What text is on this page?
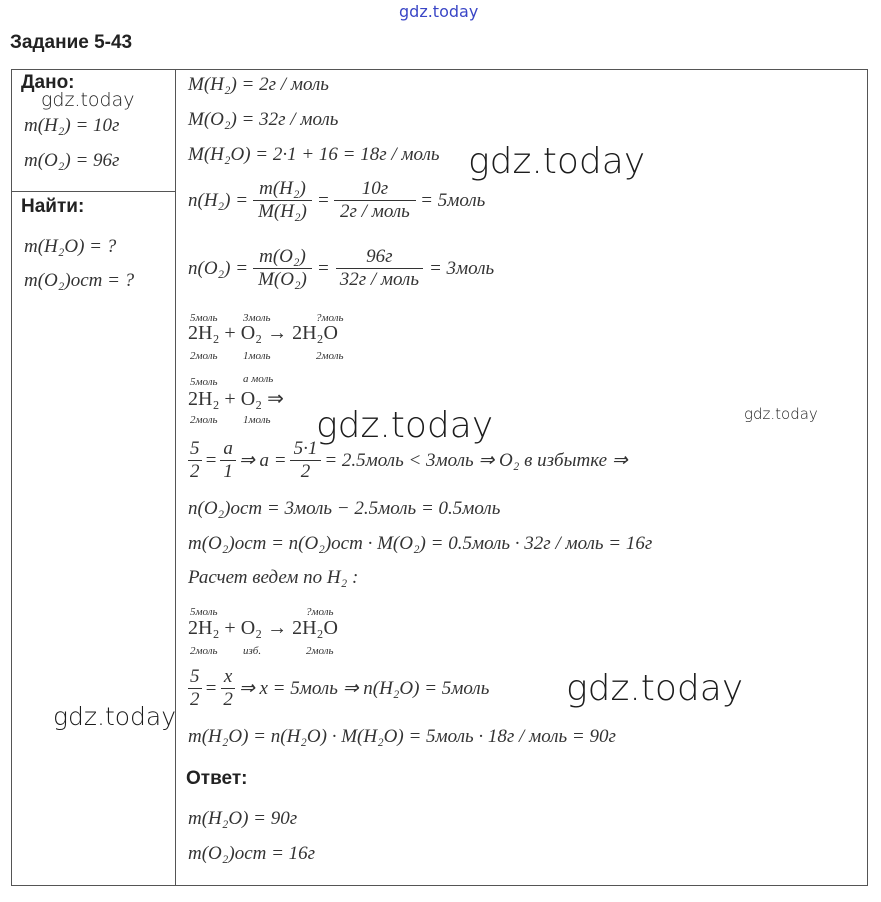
gdz.today
Задание 5-43
Дано:
gdz.today
m(H₂) = 10г
m(O₂) = 96г
Найти:
m(H₂O) = ?
m(O₂)ост = ?
M(H₂) = 2г / моль
M(O₂) = 32г / моль
M(H₂O) = 2·1 + 16 = 18г / моль
$n(H_2) = \frac{\text{m(H₂)}}{\text{M(H₂)}} = \frac{10г}{\text{2г / моль}}$ = 5моль
$n(O_2) = \frac{\text{m(O₂)}}{\text{M(O₂)}} = \frac{96г}{\text{32г / моль}}$ = 3моль
5моль 3моль	?моль
2H₂ + O₂ → 2H₂O
2моль 1моль	2моль
5моль a моль
2H₂ + O₂ ⇒
2моль 1моль
gdz.today
gdz.today	gdz.today
$\frac{5}{2} = \frac{a}{1}$ ⇒ $a = \frac{5\cdot 1}{2}$ = 2.5моль < 3моль ⇒ O₂ в избытке ⇒
n(O₂)ост = 3моль − 2.5моль = 0.5моль
m(O₂)ост = n(O₂)ост · M(O₂) = 0.5моль · 32г / моль = 16г
Расчет ведем по H₂ :
5моль	?моль
2H₂ + O₂ → 2H₂O
2моль изб.	2моль
$\frac{5}{2} = \frac{x}{2}$ ⇒ x = 5моль ⇒ n(H₂O) = 5моль gdz.today
gdz.today
m(H₂O) = n(H₂O) · M(H₂O) = 5моль · 18г / моль = 90г
Ответ:
m(H₂O) = 90г
m(O₂)ост = 16г
